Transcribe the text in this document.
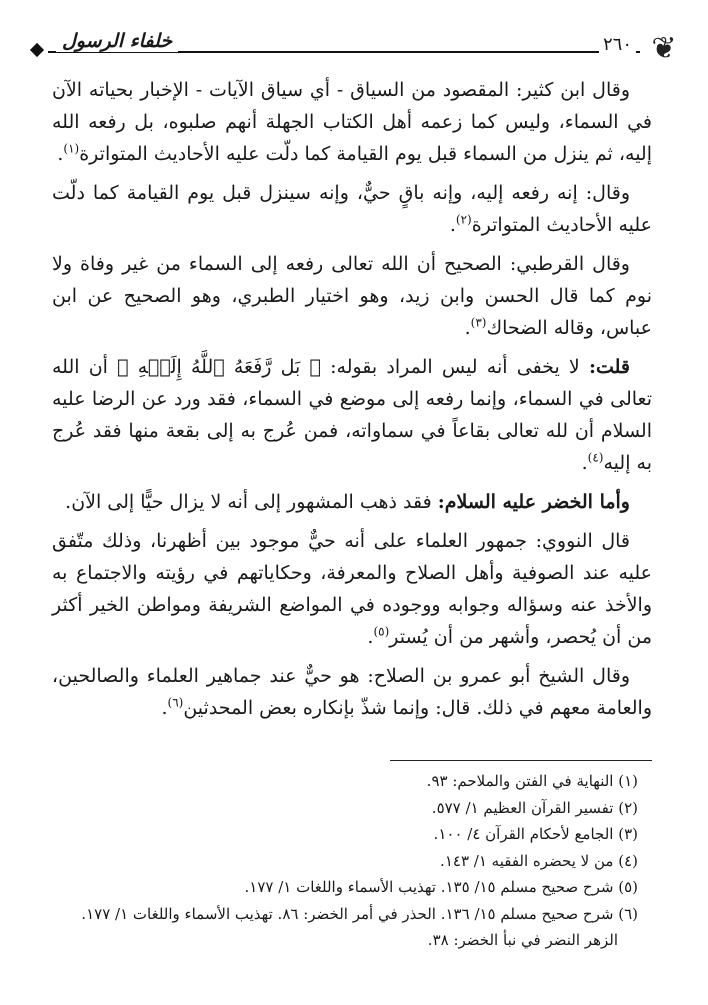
خلفاء الرسول	٢٦٠ ❦

وقال ابن كثير: المقصود من السياق - أي سياق الآيات - الإخبار بحياته الآن في السماء، وليس كما زعمه أهل الكتاب الجهلة أنهم صلبوه، بل رفعه الله إليه، ثم ينزل من السماء قبل يوم القيامة كما دلّت عليه الأحاديث المتواترة$^{(١)}$.

وقال: إنه رفعه إليه، وإنه باقٍ حيٌّ، وإنه سينزل قبل يوم القيامة كما دلّت عليه الأحاديث المتواترة$^{(٢)}$.

وقال القرطبي: الصحيح أن الله تعالى رفعه إلى السماء من غير وفاة ولا نوم كما قال الحسن وابن زيد، وهو اختيار الطبري، وهو الصحيح عن ابن عباس، وقاله الضحاك$^{(٣)}$.

قلت: لا يخفى أنه ليس المراد بقوله: ﴿ بَل رَّفَعَهُ ٱللَّهُ إِلَيۡهِ ﴾ أن الله تعالى في السماء، وإنما رفعه إلى موضع في السماء، فقد ورد عن الرضا عليه السلام أن لله تعالى بقاعاً في سماواته، فمن عُرج به إلى بقعة منها فقد عُرج به إليه$^{(٤)}$.

وأما الخضر عليه السلام: فقد ذهب المشهور إلى أنه لا يزال حيًّا إلى الآن.

قال النووي: جمهور العلماء على أنه حيٌّ موجود بين أظهرنا، وذلك متّفق عليه عند الصوفية وأهل الصلاح والمعرفة، وحكاياتهم في رؤيته والاجتماع به والأخذ عنه وسؤاله وجوابه ووجوده في المواضع الشريفة ومواطن الخير أكثر من أن يُحصر، وأشهر من أن يُستر$^{(٥)}$.

وقال الشيخ أبو عمرو بن الصلاح: هو حيٌّ عند جماهير العلماء والصالحين، والعامة معهم في ذلك. قال: وإنما شذّ بإنكاره بعض المحدثين$^{(٦)}$.

(١) النهاية في الفتن والملاحم: ٩٣.

(٢) تفسير القرآن العظيم ١/ ٥٧٧.

(٣) الجامع لأحكام القرآن ٤/ ١٠٠.

(٤) من لا يحضره الفقيه ١/ ١٤٣.

(٥) شرح صحيح مسلم ١٥/ ١٣٥. تهذيب الأسماء واللغات ١/ ١٧٧.

(٦) شرح صحيح مسلم ١٥/ ١٣٦. الحذر في أمر الخضر: ٨٦. تهذيب الأسماء واللغات ١/ ١٧٧.

الزهر النضر في نبأ الخضر: ٣٨.
